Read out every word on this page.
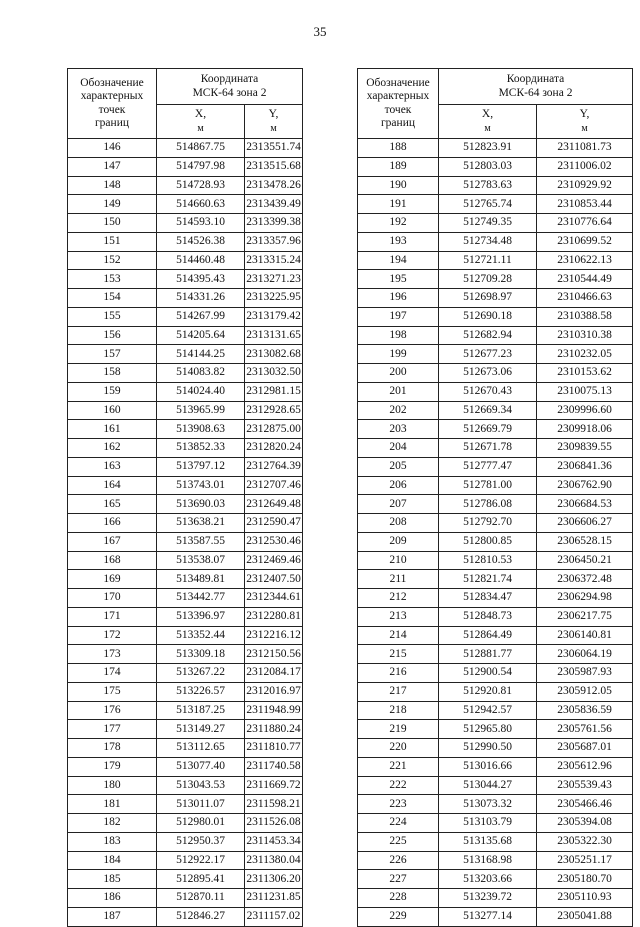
35
Обозначение
характерных
точек
границ	Координата
МСК-64 зона 2	
	X,
м	Y,
м

146	514867.75	2313551.74
147	514797.98	2313515.68
148	514728.93	2313478.26
149	514660.63	2313439.49
150	514593.10	2313399.38
151	514526.38	2313357.96
152	514460.48	2313315.24
153	514395.43	2313271.23
154	514331.26	2313225.95
155	514267.99	2313179.42
156	514205.64	2313131.65
157	514144.25	2313082.68
158	514083.82	2313032.50
159	514024.40	2312981.15
160	513965.99	2312928.65
161	513908.63	2312875.00
162	513852.33	2312820.24
163	513797.12	2312764.39
164	513743.01	2312707.46
165	513690.03	2312649.48
166	513638.21	2312590.47
167	513587.55	2312530.46
168	513538.07	2312469.46
169	513489.81	2312407.50
170	513442.77	2312344.61
171	513396.97	2312280.81
172	513352.44	2312216.12
173	513309.18	2312150.56
174	513267.22	2312084.17
175	513226.57	2312016.97
176	513187.25	2311948.99
177	513149.27	2311880.24
178	513112.65	2311810.77
179	513077.40	2311740.58
180	513043.53	2311669.72
181	513011.07	2311598.21
182	512980.01	2311526.08
183	512950.37	2311453.34
184	512922.17	2311380.04
185	512895.41	2311306.20
186	512870.11	2311231.85
187	512846.27	2311157.02
Обозначение
характерных
точек
границ	Координата
МСК-64 зона 2	
	X,
м	Y,
м

188	512823.91	2311081.73
189	512803.03	2311006.02
190	512783.63	2310929.92
191	512765.74	2310853.44
192	512749.35	2310776.64
193	512734.48	2310699.52
194	512721.11	2310622.13
195	512709.28	2310544.49
196	512698.97	2310466.63
197	512690.18	2310388.58
198	512682.94	2310310.38
199	512677.23	2310232.05
200	512673.06	2310153.62
201	512670.43	2310075.13
202	512669.34	2309996.60
203	512669.79	2309918.06
204	512671.78	2309839.55
205	512777.47	2306841.36
206	512781.00	2306762.90
207	512786.08	2306684.53
208	512792.70	2306606.27
209	512800.85	2306528.15
210	512810.53	2306450.21
211	512821.74	2306372.48
212	512834.47	2306294.98
213	512848.73	2306217.75
214	512864.49	2306140.81
215	512881.77	2306064.19
216	512900.54	2305987.93
217	512920.81	2305912.05
218	512942.57	2305836.59
219	512965.80	2305761.56
220	512990.50	2305687.01
221	513016.66	2305612.96
222	513044.27	2305539.43
223	513073.32	2305466.46
224	513103.79	2305394.08
225	513135.68	2305322.30
226	513168.98	2305251.17
227	513203.66	2305180.70
228	513239.72	2305110.93
229	513277.14	2305041.88
